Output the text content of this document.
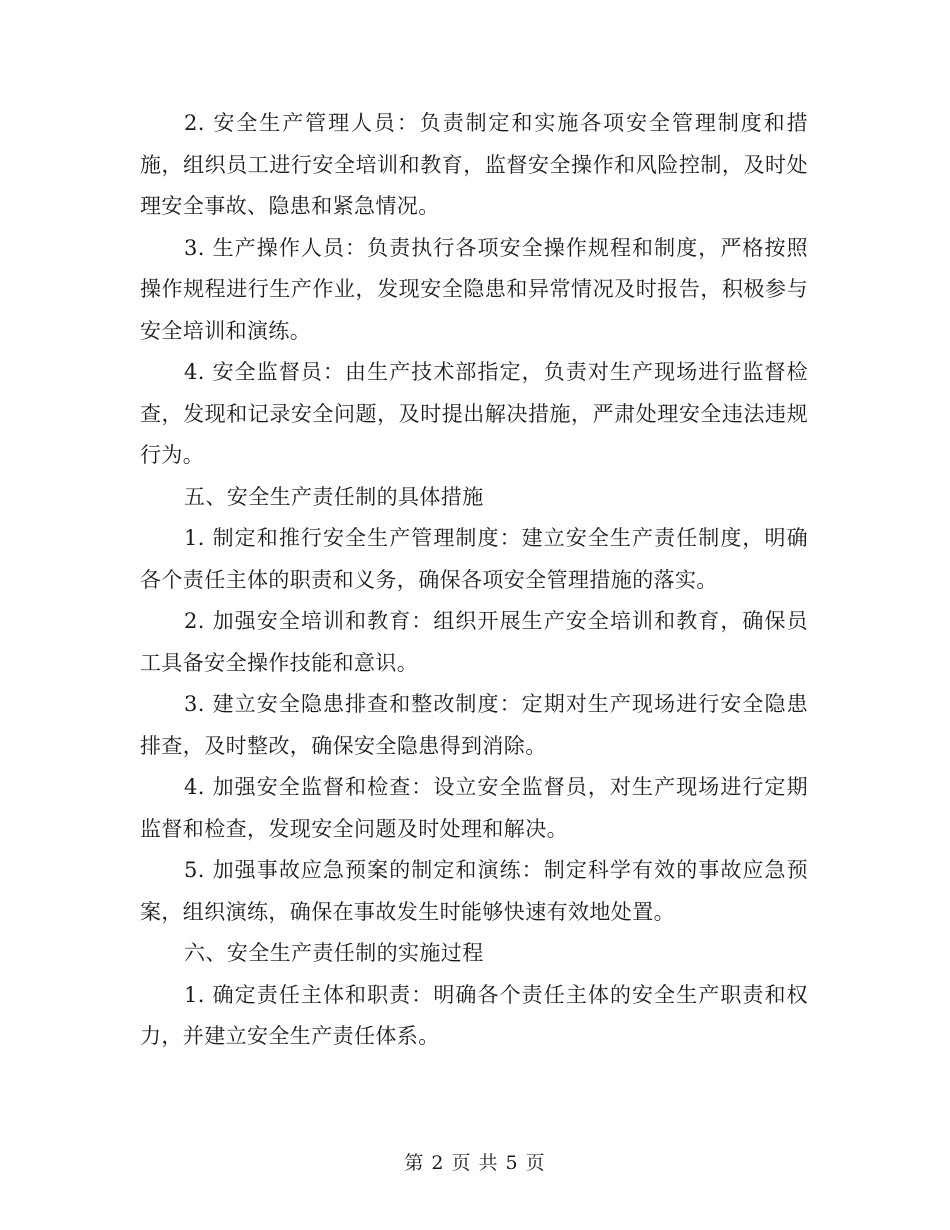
2. 安全生产管理人员：负责制定和实施各项安全管理制度和措施，组织员工进行安全培训和教育，监督安全操作和风险控制，及时处理安全事故、隐患和紧急情况。

3. 生产操作人员：负责执行各项安全操作规程和制度，严格按照操作规程进行生产作业，发现安全隐患和异常情况及时报告，积极参与安全培训和演练。

4. 安全监督员：由生产技术部指定，负责对生产现场进行监督检查，发现和记录安全问题，及时提出解决措施，严肃处理安全违法违规行为。

五、安全生产责任制的具体措施

1. 制定和推行安全生产管理制度：建立安全生产责任制度，明确各个责任主体的职责和义务，确保各项安全管理措施的落实。

2. 加强安全培训和教育：组织开展生产安全培训和教育，确保员工具备安全操作技能和意识。

3. 建立安全隐患排查和整改制度：定期对生产现场进行安全隐患排查，及时整改，确保安全隐患得到消除。

4. 加强安全监督和检查：设立安全监督员，对生产现场进行定期监督和检查，发现安全问题及时处理和解决。

5. 加强事故应急预案的制定和演练：制定科学有效的事故应急预案，组织演练，确保在事故发生时能够快速有效地处置。

六、安全生产责任制的实施过程

1. 确定责任主体和职责：明确各个责任主体的安全生产职责和权力，并建立安全生产责任体系。

第 2 页 共 5 页
